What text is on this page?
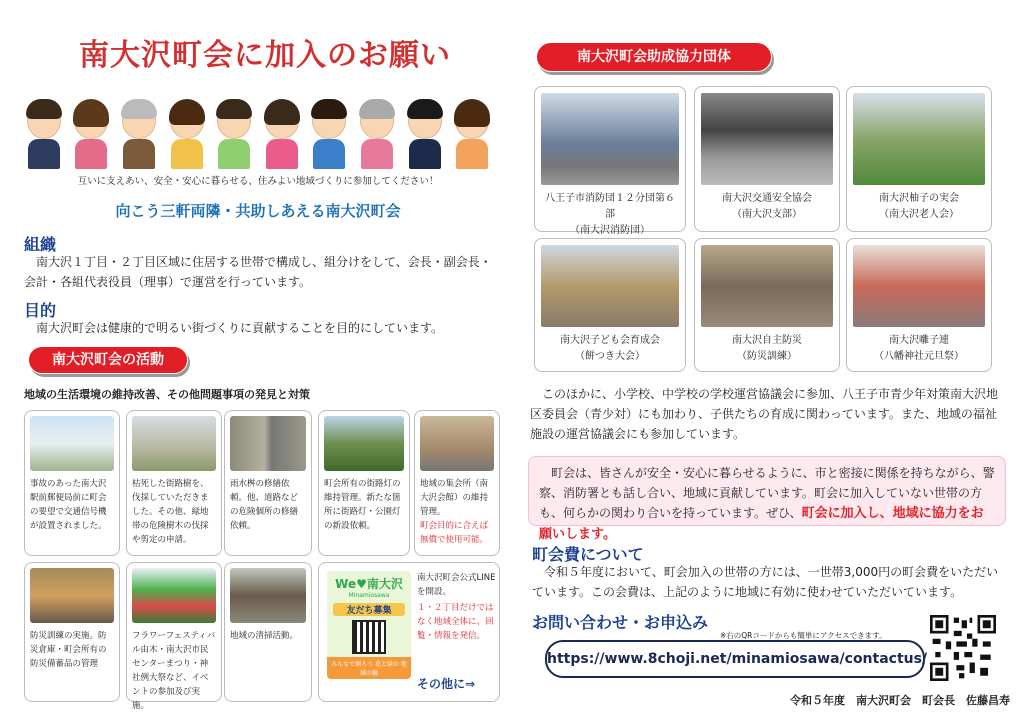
南大沢町会に加入のお願い
互いに支えあい、安全・安心に暮らせる、住みよい地域づくりに参加してください！
向こう三軒両隣・共助しあえる南大沢町会
組織
南大沢１丁目・２丁目区域に住居する世帯で構成し、組分けをして、会長・副会長・会計・各組代表役員（理事）で運営を行っています。
目的
南大沢町会は健康的で明るい街づくりに貢献することを目的にしています。
南大沢町会の活動
地域の生活環境の維持改善、その他問題事項の発見と対策
事故のあった南大沢駅前郵便局前に町会の要望で交通信号機が設置されました。
枯死した街路樹を、伐採していただきました。その他、緑地帯の危険樹木の伐採や剪定の申請。
雨水桝の修繕依頼。他、道路などの危険個所の修繕依頼。
町会所有の街路灯の維持管理。新たな箇所に街路灯・公園灯の新設依頼。
地域の集会所（南大沢会館）の維持管理。
町会目的に合えば無償で使用可能。
防災訓練の実施。防災倉庫・町会所有の防災備蓄品の管理
フラワーフェスティバル由木・南大沢市民センターまつり・神社例大祭など、イベントの参加及び実施。
地域の清掃活動。
We♥南大沢
Minamiosawa
友だち募集
みんなで創ろう 花と緑の 地域の輪
南大沢町会公式LINEを開設。
１・２丁目だけではなく地域全体に、回覧・情報を発信。
その他に⇒
南大沢町会助成協力団体
八王子市消防団１２分団第６部
（南大沢消防団）
南大沢交通安全協会
（南大沢支部）
南大沢柚子の実会
（南大沢老人会）
南大沢子ども会育成会
（餅つき大会）
南大沢自主防災
（防災訓練）
南大沢囃子連
（八幡神社元旦祭）
このほかに、小学校、中学校の学校運営協議会に参加、八王子市青少年対策南大沢地区委員会（青少対）にも加わり、子供たちの育成に関わっています。また、地域の福祉施設の運営協議会にも参加しています。
町会は、皆さんが安全・安心に暮らせるように、市と密接に関係を持ちながら、警察、消防署とも話し合い、地域に貢献しています。町会に加入していない世帯の方も、何らかの関わり合いを持っています。ぜひ、町会に加入し、地域に協力をお願いします。
町会費について
令和５年度において、町会加入の世帯の方には、一世帯3,000円の町会費をいただいています。この会費は、上記のように地域に有効に使わせていただいています。
お問い合わせ・お申込み
※右のQRコードからも簡単にアクセスできます。
https://www.8choji.net/minamiosawa/contactus/
令和５年度　南大沢町会　町会長　佐藤昌寿
